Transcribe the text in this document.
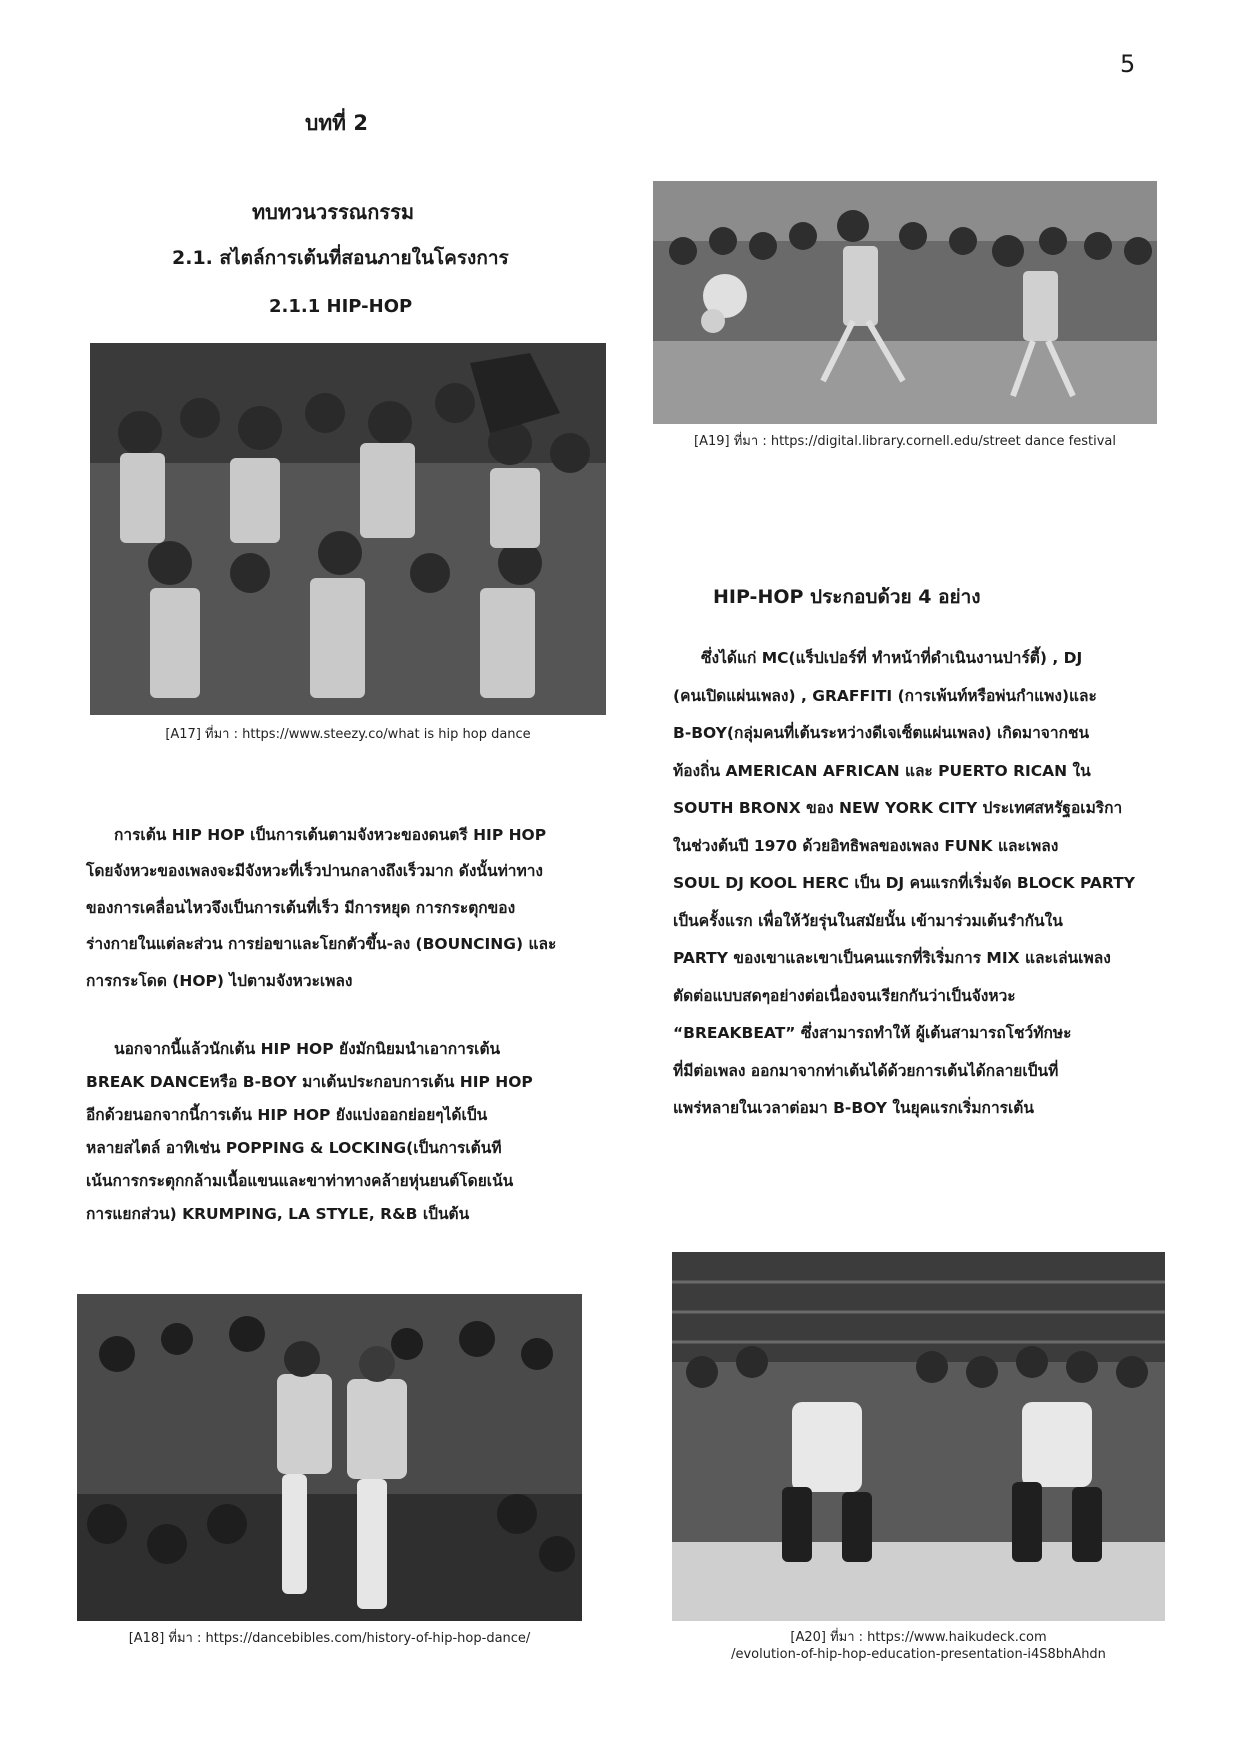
5
บทที่ 2
ทบทวนวรรณกรรม
2.1. สไตล์การเต้นที่สอนภายในโครงการ
2.1.1 HIP-HOP
[A17] ที่มา : https://www.steezy.co/what is hip hop dance
[A19] ที่มา : https://digital.library.cornell.edu/street dance festival
HIP-HOP ประกอบด้วย 4 อย่าง

ซึ่งได้แก่ MC(แร็ปเปอร์ที่ ทำหน้าที่ดำเนินงานปาร์ตี้) , DJ

(คนเปิดแผ่นเพลง) , GRAFFITI (การเพ้นท์หรือพ่นกำแพง)และ

B-BOY(กลุ่มคนที่เต้นระหว่างดีเจเซ็ตแผ่นเพลง) เกิดมาจากชน

ท้องถิ่น AMERICAN AFRICAN และ PUERTO RICAN ใน

SOUTH BRONX ของ NEW YORK CITY ประเทศสหรัฐอเมริกา

ในช่วงต้นปี 1970 ด้วยอิทธิพลของเพลง FUNK และเพลง

SOUL DJ KOOL HERC เป็น DJ คนแรกที่เริ่มจัด BLOCK PARTY

เป็นครั้งแรก เพื่อให้วัยรุ่นในสมัยนั้น เข้ามาร่วมเต้นรำกันใน

PARTY ของเขาและเขาเป็นคนแรกที่ริเริ่มการ MIX และเล่นเพลง

ตัดต่อแบบสดๆอย่างต่อเนื่องจนเรียกกันว่าเป็นจังหวะ

“BREAKBEAT” ซึ่งสามารถทำให้ ผู้เต้นสามารถโชว์ทักษะ

ที่มีต่อเพลง ออกมาจากท่าเต้นได้ด้วยการเต้นได้กลายเป็นที่

แพร่หลายในเวลาต่อมา B-BOY ในยุคแรกเริ่มการเต้น

การเต้น HIP HOP เป็นการเต้นตามจังหวะของดนตรี HIP HOP

โดยจังหวะของเพลงจะมีจังหวะที่เร็วปานกลางถึงเร็วมาก ดังนั้นท่าทาง

ของการเคลื่อนไหวจึงเป็นการเต้นที่เร็ว มีการหยุด การกระตุกของ

ร่างกายในแต่ละส่วน การย่อขาและโยกตัวขึ้น-ลง (BOUNCING) และ

การกระโดด (HOP) ไปตามจังหวะเพลง

นอกจากนี้แล้วนักเต้น HIP HOP ยังมักนิยมนำเอาการเต้น

BREAK DANCEหรือ B-BOY มาเต้นประกอบการเต้น HIP HOP

อีกด้วยนอกจากนี้การเต้น HIP HOP ยังแบ่งออกย่อยๆได้เป็น

หลายสไตล์ อาทิเช่น POPPING & LOCKING(เป็นการเต้นที

เน้นการกระตุกกล้ามเนื้อแขนและขาท่าทางคล้ายหุ่นยนต์โดยเน้น

การแยกส่วน) KRUMPING, LA STYLE, R&B เป็นต้น

[A18] ที่มา : https://dancebibles.com/history-of-hip-hop-dance/	[A20] ที่มา : https://www.haikudeck.com
/evolution-of-hip-hop-education-presentation-i4S8bhAhdn
